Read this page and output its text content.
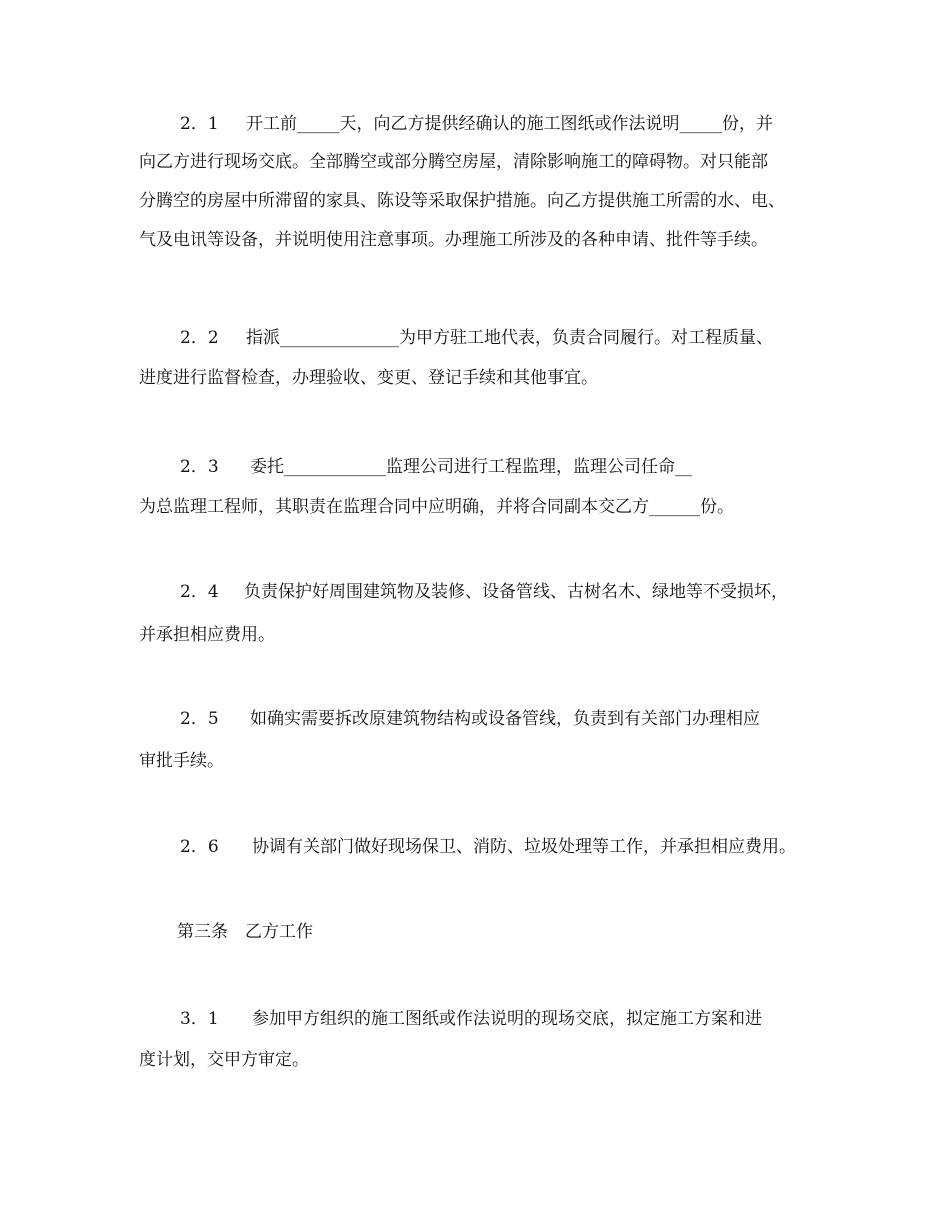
2．1 开工前_____天，向乙方提供经确认的施工图纸或作法说明_____份，并

向乙方进行现场交底。全部腾空或部分腾空房屋，清除影响施工的障碍物。对只能部

分腾空的房屋中所滞留的家具、陈设等采取保护措施。向乙方提供施工所需的水、电、

气及电讯等设备，并说明使用注意事项。办理施工所涉及的各种申请、批件等手续。

2．2 指派______________为甲方驻工地代表，负责合同履行。对工程质量、

进度进行监督检查，办理验收、变更、登记手续和其他事宜。

2．3 委托____________监理公司进行工程监理，监理公司任命__

为总监理工程师，其职责在监理合同中应明确，并将合同副本交乙方______份。

2．4 负责保护好周围建筑物及装修、设备管线、古树名木、绿地等不受损坏，

并承担相应费用。

2．5 如确实需要拆改原建筑物结构或设备管线，负责到有关部门办理相应

审批手续。

2．6 协调有关部门做好现场保卫、消防、垃圾处理等工作，并承担相应费用。

第三条　乙方工作

3．1 参加甲方组织的施工图纸或作法说明的现场交底，拟定施工方案和进

度计划，交甲方审定。
